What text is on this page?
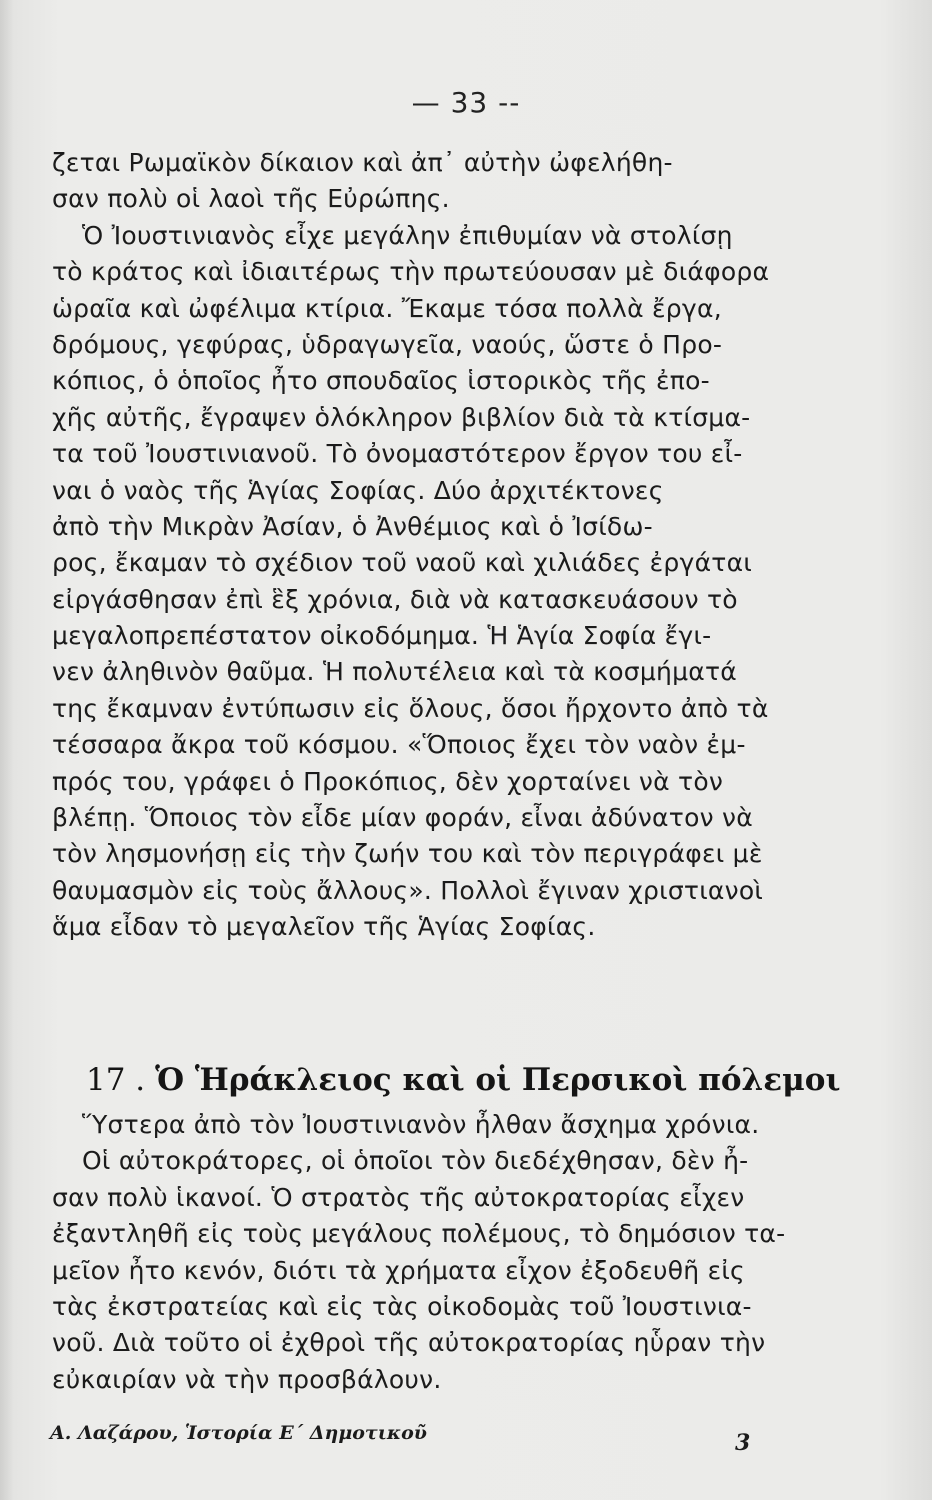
— 33 --
ζεται Ρωμαϊκὸν δίκαιον καὶ ἀπ᾿ αὐτὴν ὠφελήθη-
σαν πολὺ οἱ λαοὶ τῆς Εὐρώπης.
Ὁ Ἰουστινιανὸς εἶχε μεγάλην ἐπιθυμίαν νὰ στολίσῃ
τὸ κράτος καὶ ἰδιαιτέρως τὴν πρωτεύουσαν μὲ διάφορα
ὡραῖα καὶ ὠφέλιμα κτίρια. Ἔκαμε τόσα πολλὰ ἔργα,
δρόμους, γεφύρας, ὑδραγωγεῖα, ναούς, ὥστε ὁ Προ-
κόπιος, ὁ ὁποῖος ἦτο σπουδαῖος ἱστορικὸς τῆς ἐπο-
χῆς αὐτῆς, ἔγραψεν ὁλόκληρον βιβλίον διὰ τὰ κτίσμα-
τα τοῦ Ἰουστινιανοῦ. Τὸ ὀνομαστότερον ἔργον του εἶ-
ναι ὁ ναὸς τῆς Ἁγίας Σοφίας. Δύο ἀρχιτέκτονες
ἀπὸ τὴν Μικρὰν Ἀσίαν, ὁ Ἀνθέμιος καὶ ὁ Ἰσίδω-
ρος, ἔκαμαν τὸ σχέδιον τοῦ ναοῦ καὶ χιλιάδες ἐργάται
εἰργάσθησαν ἐπὶ ἓξ χρόνια, διὰ νὰ κατασκευάσουν τὸ
μεγαλοπρεπέστατον οἰκοδόμημα. Ἡ Ἁγία Σοφία ἔγι-
νεν ἀληθινὸν θαῦμα. Ἡ πολυτέλεια καὶ τὰ κοσμήματά
της ἔκαμναν ἐντύπωσιν εἰς ὅλους, ὅσοι ἤρχοντο ἀπὸ τὰ
τέσσαρα ἄκρα τοῦ κόσμου. «Ὅποιος ἔχει τὸν ναὸν ἐμ-
πρός του, γράφει ὁ Προκόπιος, δὲν χορταίνει νὰ τὸν
βλέπῃ. Ὅποιος τὸν εἶδε μίαν φοράν, εἶναι ἀδύνατον νὰ
τὸν λησμονήσῃ εἰς τὴν ζωήν του καὶ τὸν περιγράφει μὲ
θαυμασμὸν εἰς τοὺς ἄλλους». Πολλοὶ ἔγιναν χριστιανοὶ
ἅμα εἶδαν τὸ μεγαλεῖον τῆς Ἁγίας Σοφίας.
17 . Ὁ Ἡράκλειος καὶ οἱ Περσικοὶ πόλεμοι
Ὕστερα ἀπὸ τὸν Ἰουστινιανὸν ἦλθαν ἄσχημα χρόνια.
Οἱ αὐτοκράτορες, οἱ ὁποῖοι τὸν διεδέχθησαν, δὲν ἦ-
σαν πολὺ ἱκανοί. Ὁ στρατὸς τῆς αὐτοκρατορίας εἶχεν
ἐξαντληθῆ εἰς τοὺς μεγάλους πολέμους, τὸ δημόσιον τα-
μεῖον ἦτο κενόν, διότι τὰ χρήματα εἶχον ἐξοδευθῆ εἰς
τὰς ἐκστρατείας καὶ εἰς τὰς οἰκοδομὰς τοῦ Ἰουστινια-
νοῦ. Διὰ τοῦτο οἱ ἐχθροὶ τῆς αὐτοκρατορίας ηὗραν τὴν
εὐκαιρίαν νὰ τὴν προσβάλουν.
Α. Λαζάρου, Ἱστορία Ε΄ Δημοτικοῦ	3
